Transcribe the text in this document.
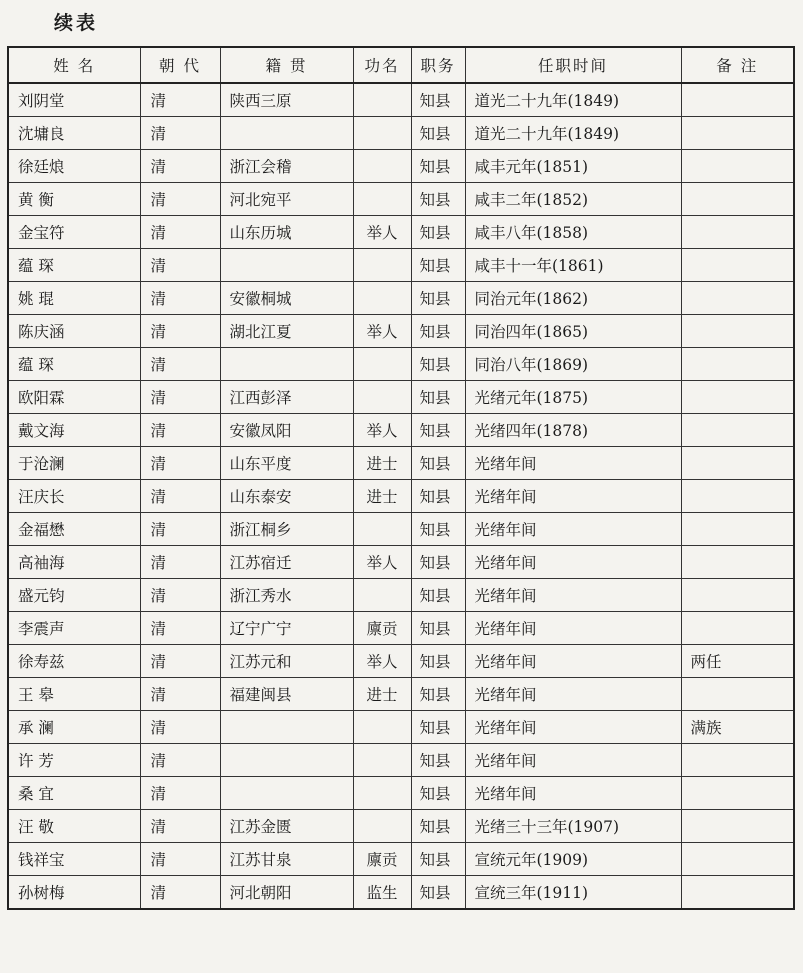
续表
姓 名	朝 代	籍 贯	功名	职务	任职时间	备 注
刘阴堂	清	陕西三原		知县	道光二十九年(1849)	
沈墉良	清			知县	道光二十九年(1849)	
徐廷烺	清	浙江会稽		知县	咸丰元年(1851)	
黄 衡	清	河北宛平		知县	咸丰二年(1852)	
金宝符	清	山东历城	举人	知县	咸丰八年(1858)	
蕴 琛	清			知县	咸丰十一年(1861)	
姚 琨	清	安徽桐城		知县	同治元年(1862)	
陈庆涵	清	湖北江夏	举人	知县	同治四年(1865)	
蕴 琛	清			知县	同治八年(1869)	
欧阳霖	清	江西彭泽		知县	光绪元年(1875)	
戴文海	清	安徽凤阳	举人	知县	光绪四年(1878)	
于沧澜	清	山东平度	进士	知县	光绪年间	
汪庆长	清	山东泰安	进士	知县	光绪年间	
金福懋	清	浙江桐乡		知县	光绪年间	
高袖海	清	江苏宿迁	举人	知县	光绪年间	
盛元钧	清	浙江秀水		知县	光绪年间	
李震声	清	辽宁广宁	廪贡	知县	光绪年间	
徐寿兹	清	江苏元和	举人	知县	光绪年间	两任
王 皋	清	福建闽县	进士	知县	光绪年间	
承 澜	清			知县	光绪年间	满族
许 芳	清			知县	光绪年间	
桑 宜	清			知县	光绪年间	
汪 敬	清	江苏金匮		知县	光绪三十三年(1907)	
钱祥宝	清	江苏甘泉	廪贡	知县	宣统元年(1909)	
孙树梅	清	河北朝阳	监生	知县	宣统三年(1911)	
